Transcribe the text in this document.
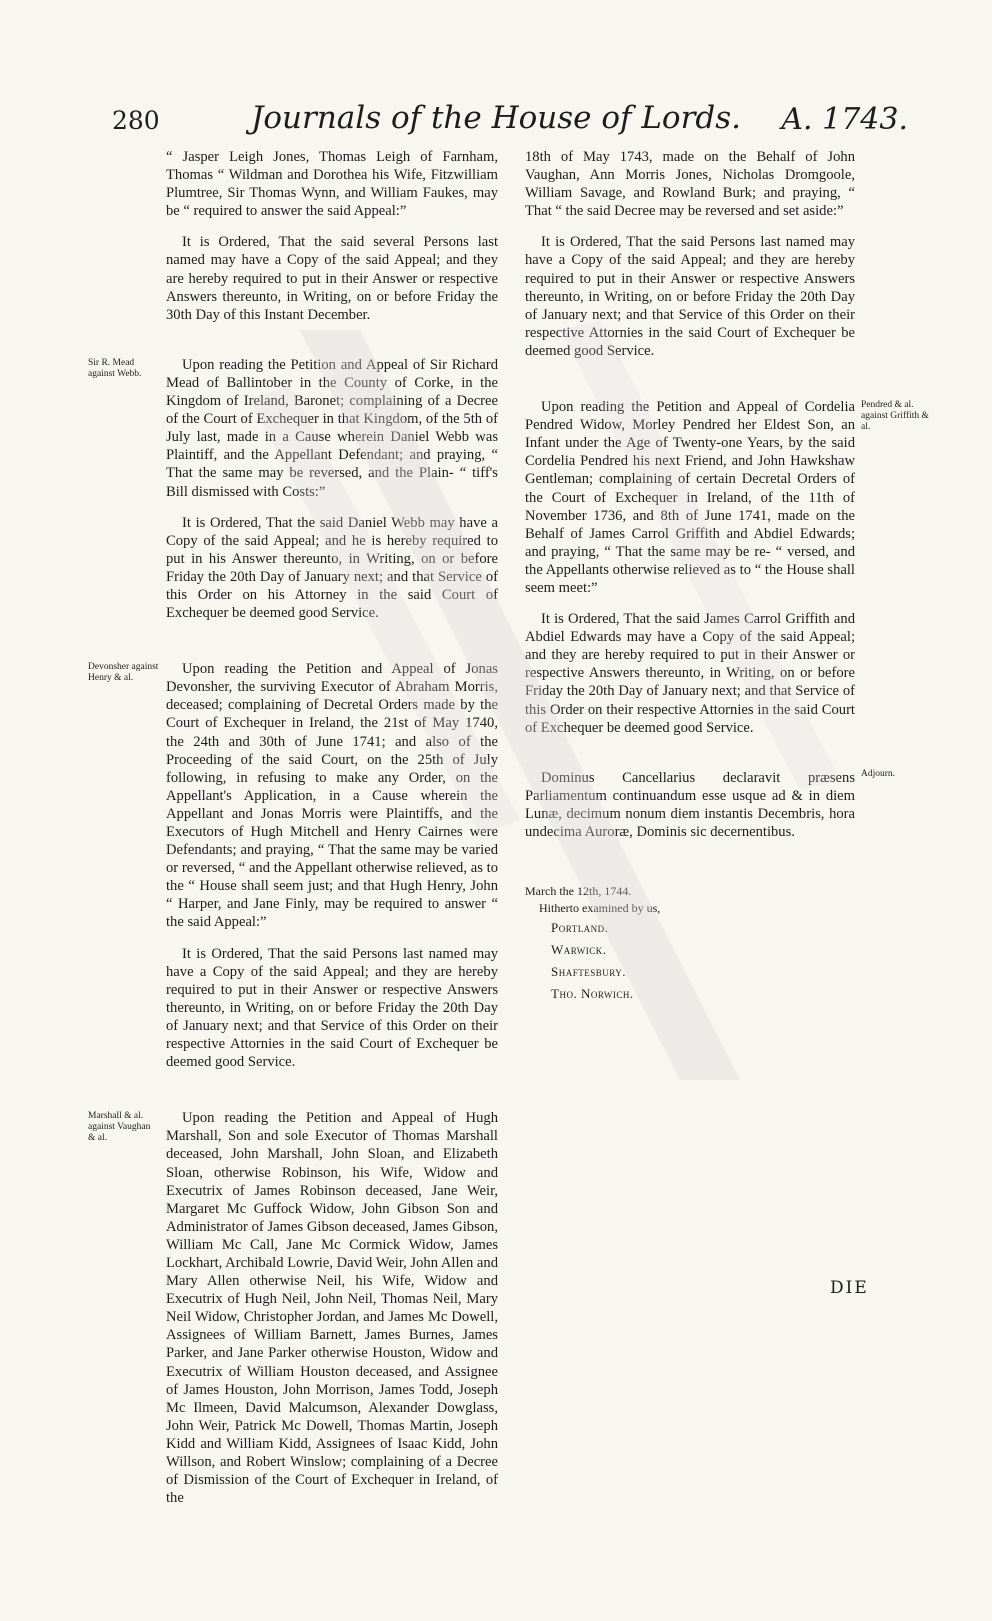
280	Journals of the House of Lords.	A. 1743.

“ Jasper Leigh Jones, Thomas Leigh of Farnham, Thomas “ Wildman and Dorothea his Wife, Fitzwilliam Plumtree, Sir Thomas Wynn, and William Faukes, may be “ required to answer the said Appeal:”

It is Ordered, That the said several Persons last named may have a Copy of the said Appeal; and they are hereby required to put in their Answer or respective Answers thereunto, in Writing, on or before Friday the 30th Day of this Instant December.

Sir R. Mead against Webb.

Upon reading the Petition and Appeal of Sir Richard Mead of Ballintober in the County of Corke, in the Kingdom of Ireland, Baronet; complaining of a Decree of the Court of Exchequer in that Kingdom, of the 5th of July last, made in a Cause wherein Daniel Webb was Plaintiff, and the Appellant Defendant; and praying, “ That the same may be reversed, and the Plain- “ tiff's Bill dismissed with Costs:”

It is Ordered, That the said Daniel Webb may have a Copy of the said Appeal; and he is hereby required to put in his Answer thereunto, in Writing, on or before Friday the 20th Day of January next; and that Service of this Order on his Attorney in the said Court of Exchequer be deemed good Service.

Devonsher against Henry & al.

Upon reading the Petition and Appeal of Jonas Devonsher, the surviving Executor of Abraham Morris, deceased; complaining of Decretal Orders made by the Court of Exchequer in Ireland, the 21st of May 1740, the 24th and 30th of June 1741; and also of the Proceeding of the said Court, on the 25th of July following, in refusing to make any Order, on the Appellant's Application, in a Cause wherein the Appellant and Jonas Morris were Plaintiffs, and the Executors of Hugh Mitchell and Henry Cairnes were Defendants; and praying, “ That the same may be varied or reversed, “ and the Appellant otherwise relieved, as to the “ House shall seem just; and that Hugh Henry, John “ Harper, and Jane Finly, may be required to answer “ the said Appeal:”

It is Ordered, That the said Persons last named may have a Copy of the said Appeal; and they are hereby required to put in their Answer or respective Answers thereunto, in Writing, on or before Friday the 20th Day of January next; and that Service of this Order on their respective Attornies in the said Court of Exchequer be deemed good Service.

Marshall & al. against Vaughan & al.

Upon reading the Petition and Appeal of Hugh Marshall, Son and sole Executor of Thomas Marshall deceased, John Marshall, John Sloan, and Elizabeth Sloan, otherwise Robinson, his Wife, Widow and Executrix of James Robinson deceased, Jane Weir, Margaret Mc Guffock Widow, John Gibson Son and Administrator of James Gibson deceased, James Gibson, William Mc Call, Jane Mc Cormick Widow, James Lockhart, Archibald Lowrie, David Weir, John Allen and Mary Allen otherwise Neil, his Wife, Widow and Executrix of Hugh Neil, John Neil, Thomas Neil, Mary Neil Widow, Christopher Jordan, and James Mc Dowell, Assignees of William Barnett, James Burnes, James Parker, and Jane Parker otherwise Houston, Widow and Executrix of William Houston deceased, and Assignee of James Houston, John Morrison, James Todd, Joseph Mc Ilmeen, David Malcumson, Alexander Dowglass, John Weir, Patrick Mc Dowell, Thomas Martin, Joseph Kidd and William Kidd, Assignees of Isaac Kidd, John Willson, and Robert Winslow; complaining of a Decree of Dismission of the Court of Exchequer in Ireland, of the

18th of May 1743, made on the Behalf of John Vaughan, Ann Morris Jones, Nicholas Dromgoole, William Savage, and Rowland Burk; and praying, “ That “ the said Decree may be reversed and set aside:”

It is Ordered, That the said Persons last named may have a Copy of the said Appeal; and they are hereby required to put in their Answer or respective Answers thereunto, in Writing, on or before Friday the 20th Day of January next; and that Service of this Order on their respective Attornies in the said Court of Exchequer be deemed good Service.

Pendred & al. against Griffith & al.

Upon reading the Petition and Appeal of Cordelia Pendred Widow, Morley Pendred her Eldest Son, an Infant under the Age of Twenty-one Years, by the said Cordelia Pendred his next Friend, and John Hawkshaw Gentleman; complaining of certain Decretal Orders of the Court of Exchequer in Ireland, of the 11th of November 1736, and 8th of June 1741, made on the Behalf of James Carrol Griffith and Abdiel Edwards; and praying, “ That the same may be re- “ versed, and the Appellants otherwise relieved as to “ the House shall seem meet:”

It is Ordered, That the said James Carrol Griffith and Abdiel Edwards may have a Copy of the said Appeal; and they are hereby required to put in their Answer or respective Answers thereunto, in Writing, on or before Friday the 20th Day of January next; and that Service of this Order on their respective Attornies in the said Court of Exchequer be deemed good Service.

Adjourn.

Dominus Cancellarius declaravit præsens Parliamentum continuandum esse usque ad & in diem Lunæ, decimum nonum diem instantis Decembris, hora undecima Auroræ, Dominis sic decernentibus.

March the 12th, 1744.
Hitherto examined by us,
Portland.
Warwick.
Shaftesbury.
Tho. Norwich.
DIE
